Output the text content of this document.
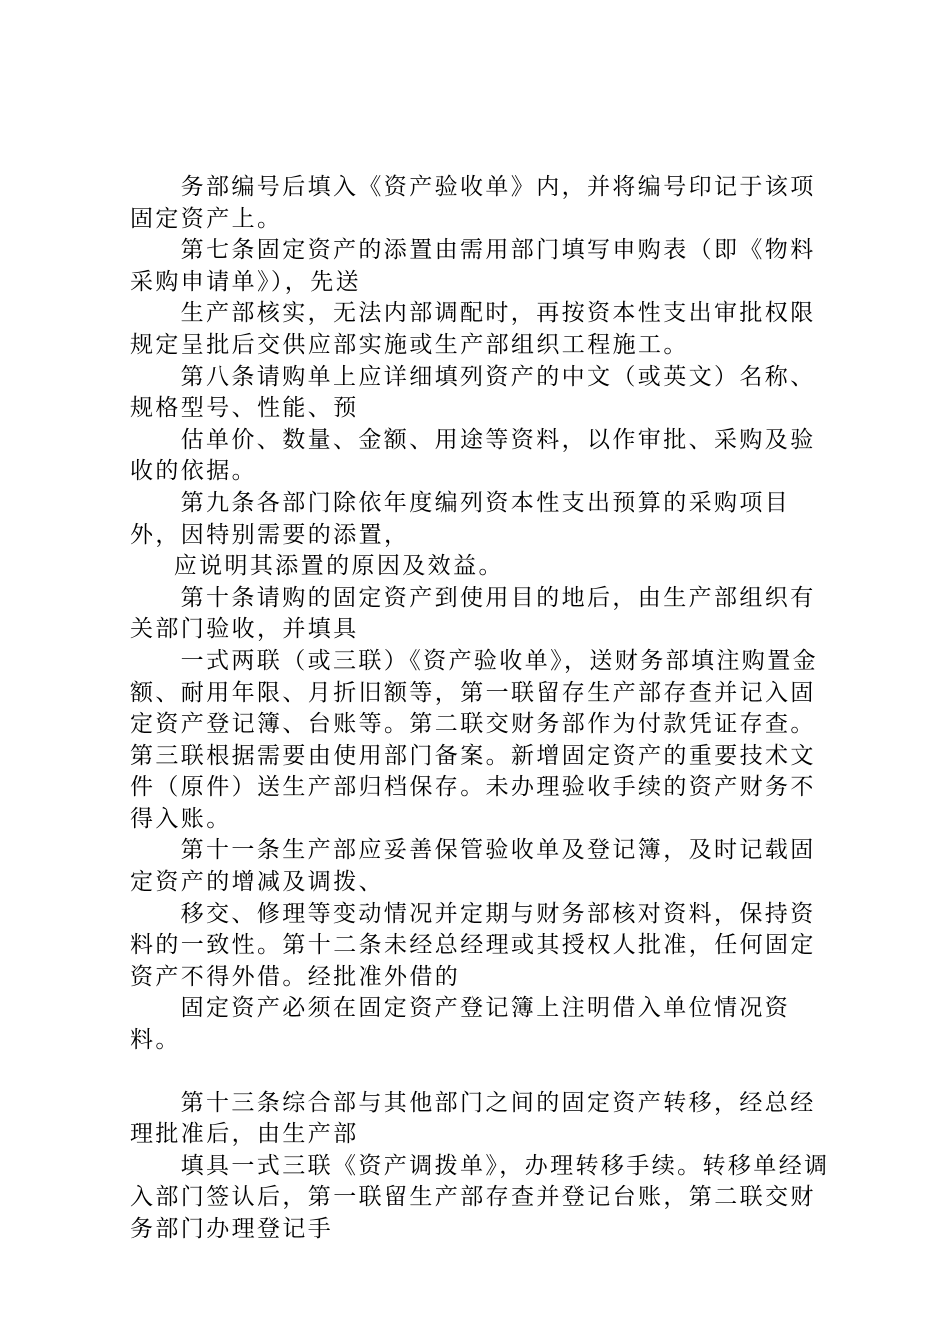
务部编号后填入《资产验收单》内，并将编号印记于该项固定资产上。

第七条固定资产的添置由需用部门填写申购表（即《物料采购申请单》），先送

生产部核实，无法内部调配时，再按资本性支出审批权限规定呈批后交供应部实施或生产部组织工程施工。

第八条请购单上应详细填列资产的中文（或英文）名称、规格型号、性能、预

估单价、数量、金额、用途等资料，以作审批、采购及验收的依据。

第九条各部门除依年度编列资本性支出预算的采购项目外，因特别需要的添置，

应说明其添置的原因及效益。

第十条请购的固定资产到使用目的地后，由生产部组织有关部门验收，并填具

一式两联（或三联）《资产验收单》，送财务部填注购置金额、耐用年限、月折旧额等，第一联留存生产部存查并记入固定资产登记簿、台账等。第二联交财务部作为付款凭证存查。第三联根据需要由使用部门备案。新增固定资产的重要技术文件（原件）送生产部归档保存。未办理验收手续的资产财务不得入账。

第十一条生产部应妥善保管验收单及登记簿，及时记载固定资产的增减及调拨、

移交、修理等变动情况并定期与财务部核对资料，保持资料的一致性。第十二条未经总经理或其授权人批准，任何固定资产不得外借。经批准外借的

固定资产必须在固定资产登记簿上注明借入单位情况资料。

第十三条综合部与其他部门之间的固定资产转移，经总经理批准后，由生产部

填具一式三联《资产调拨单》，办理转移手续。转移单经调入部门签认后，第一联留生产部存查并登记台账，第二联交财务部门办理登记手
